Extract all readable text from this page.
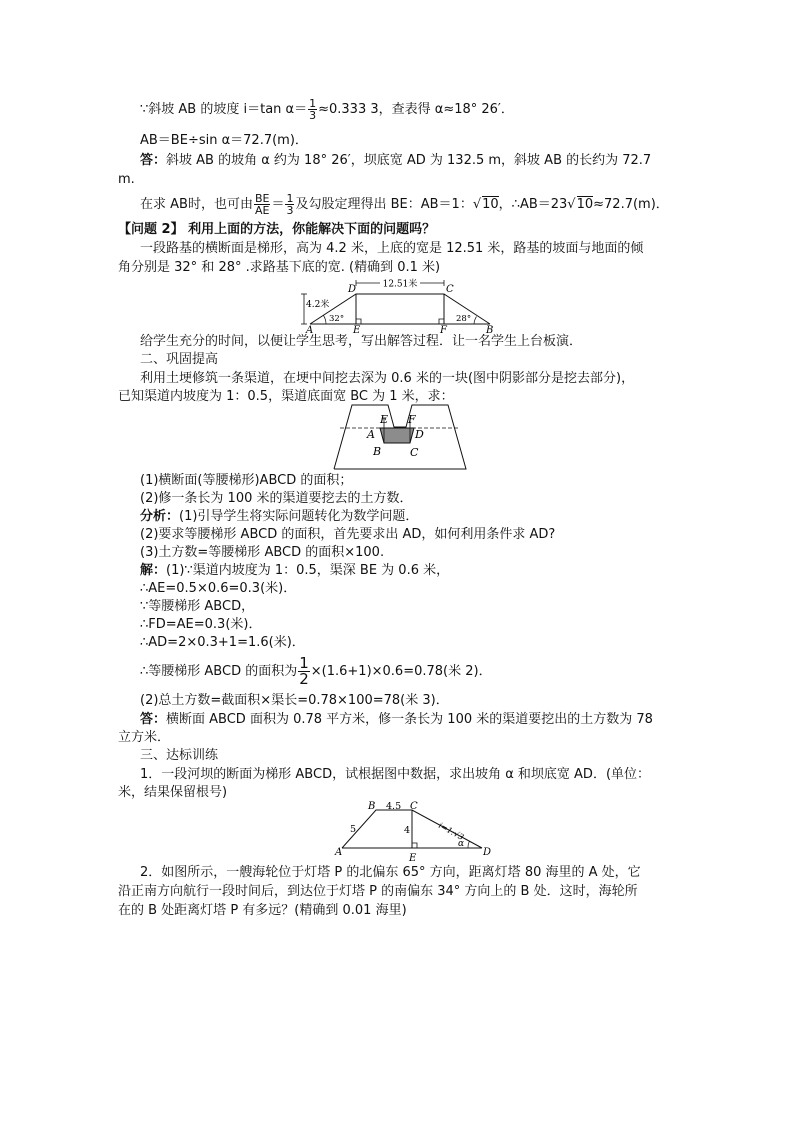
∵斜坡 AB 的坡度 i＝tan $\alpha= \frac{1}{3} \approx 0.333$ 3，查表得 α≈18° 26′．
AB＝BE÷sin α＝72.7(m)．
答：斜坡 AB 的坡角 α 约为 18° 26′，坝底宽 AD 为 132.5 m，斜坡 AB 的长约为 72.7
m.
在求 AB时，也可由 $\frac{BE}{AE} = \frac{1}{3}$ 及勾股定理得出 BE：AB＝1：√10，∴AB＝23√10≈72.7(m)．
【问题 2】 利用上面的方法，你能解决下面的问题吗？
一段路基的横断面是梯形，高为 4.2 米，上底的宽是 12.51 米，路基的坡面与地面的倾
角分别是 32° 和 28° .求路基下底的宽. (精确到 0.1 米)
12.51米
4.2米
32°	28°
D	C
A	E	F	B
给学生充分的时间，以便让学生思考，写出解答过程．让一名学生上台板演．
二、巩固提高
利用土埂修筑一条渠道，在埂中间挖去深为 0.6 米的一块(图中阴影部分是挖去部分)，
已知渠道内坡度为 1：0.5，渠道底面宽 BC 为 1 米，求：
E F
A	D
B	C
(1)横断面(等腰梯形)ABCD 的面积；
(2)修一条长为 100 米的渠道要挖去的土方数．
分析：(1)引导学生将实际问题转化为数学问题．
(2)要求等腰梯形 ABCD 的面积，首先要求出 AD，如何利用条件求 AD?
(3)土方数=等腰梯形 ABCD 的面积×100.
解：(1)∵渠道内坡度为 1：0.5，渠深 BE 为 0.6 米，
∴AE=0.5×0.6=0.3(米)．
∵等腰梯形 ABCD，
∴FD=AE=0.3(米)．
∴AD=2×0.3+1=1.6(米)．
∴等腰梯形 ABCD 的面积为 $\frac{1}{2} \times(1.6+1)\times 0.6=0.78$(米 2)．
(2)总土方数=截面积×渠长=0.78×100=78(米 3)．
答：横断面 ABCD 面积为 0.78 平方米，修一条长为 100 米的渠道要挖出的土方数为 78
立方米．
三、达标训练
1．一段河坝的断面为梯形 ABCD，试根据图中数据，求出坡角 α 和坝底宽 AD．(单位：
米，结果保留根号)
B	C
4.5
5	4	i=1:√3
α
A
E
D
2．如图所示，一艘海轮位于灯塔 P 的北偏东 65° 方向，距离灯塔 80 海里的 A 处，它
沿正南方向航行一段时间后，到达位于灯塔 P 的南偏东 34° 方向上的 B 处．这时，海轮所
在的 B 处距离灯塔 P 有多远？(精确到 0.01 海里)
